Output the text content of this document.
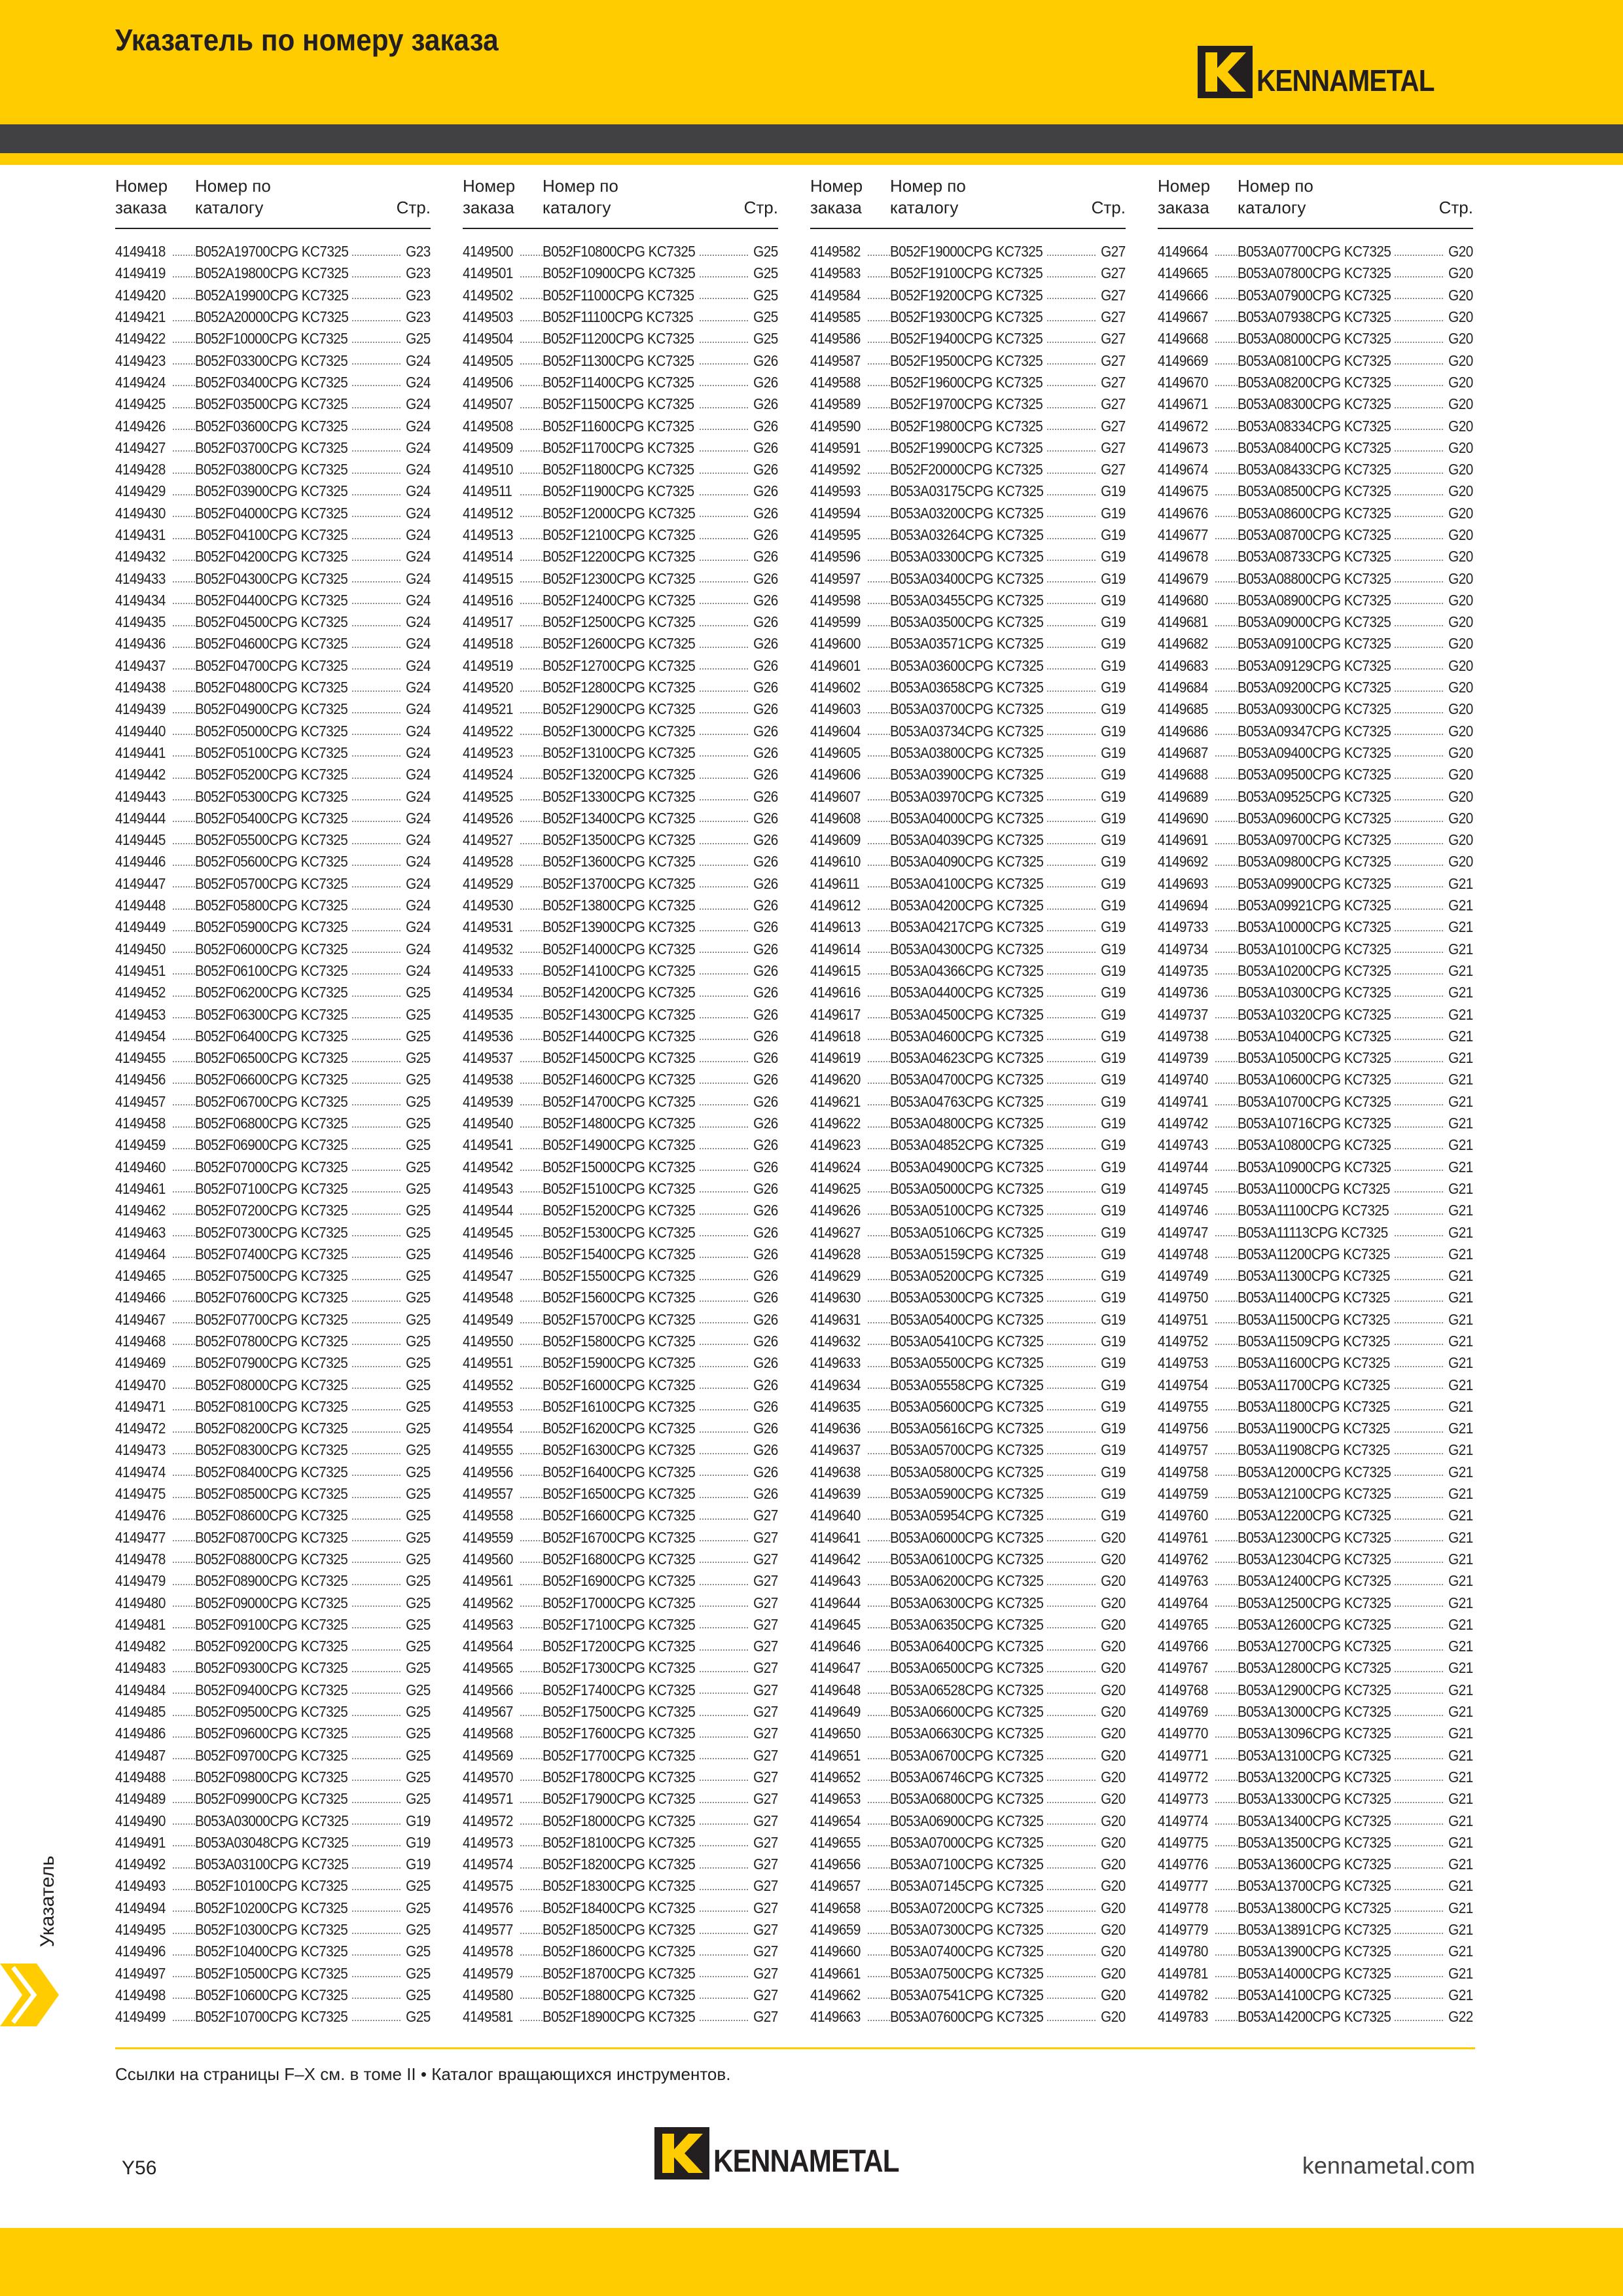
Указатель по номеру заказа
KENNAMETAL
Номер заказа
Номер по каталогу	Стр.
4149418 B052A19700CPG KC7325	G23
4149419 B052A19800CPG KC7325	G23
4149420 B052A19900CPG KC7325	G23
4149421 B052A20000CPG KC7325	G23
4149422 B052F10000CPG KC7325	G25
4149423 B052F03300CPG KC7325	G24
4149424 B052F03400CPG KC7325	G24
4149425 B052F03500CPG KC7325	G24
4149426 B052F03600CPG KC7325	G24
4149427 B052F03700CPG KC7325	G24
4149428 B052F03800CPG KC7325	G24
4149429 B052F03900CPG KC7325	G24
4149430 B052F04000CPG KC7325	G24
4149431 B052F04100CPG KC7325	G24
4149432 B052F04200CPG KC7325	G24
4149433 B052F04300CPG KC7325	G24
4149434 B052F04400CPG KC7325	G24
4149435 B052F04500CPG KC7325	G24
4149436 B052F04600CPG KC7325	G24
4149437 B052F04700CPG KC7325	G24
4149438 B052F04800CPG KC7325	G24
4149439 B052F04900CPG KC7325	G24
4149440 B052F05000CPG KC7325	G24
4149441 B052F05100CPG KC7325	G24
4149442 B052F05200CPG KC7325	G24
4149443 B052F05300CPG KC7325	G24
4149444 B052F05400CPG KC7325	G24
4149445 B052F05500CPG KC7325	G24
4149446 B052F05600CPG KC7325	G24
4149447 B052F05700CPG KC7325	G24
4149448 B052F05800CPG KC7325	G24
4149449 B052F05900CPG KC7325	G24
4149450 B052F06000CPG KC7325	G24
4149451 B052F06100CPG KC7325	G24
4149452 B052F06200CPG KC7325	G25
4149453 B052F06300CPG KC7325	G25
4149454 B052F06400CPG KC7325	G25
4149455 B052F06500CPG KC7325	G25
4149456 B052F06600CPG KC7325	G25
4149457 B052F06700CPG KC7325	G25
4149458 B052F06800CPG KC7325	G25
4149459 B052F06900CPG KC7325	G25
4149460 B052F07000CPG KC7325	G25
4149461 B052F07100CPG KC7325	G25
4149462 B052F07200CPG KC7325	G25
4149463 B052F07300CPG KC7325	G25
4149464 B052F07400CPG KC7325	G25
4149465 B052F07500CPG KC7325	G25
4149466 B052F07600CPG KC7325	G25
4149467 B052F07700CPG KC7325	G25
4149468 B052F07800CPG KC7325	G25
4149469 B052F07900CPG KC7325	G25
4149470 B052F08000CPG KC7325	G25
4149471 B052F08100CPG KC7325	G25
4149472 B052F08200CPG KC7325	G25
4149473 B052F08300CPG KC7325	G25
4149474 B052F08400CPG KC7325	G25
4149475 B052F08500CPG KC7325	G25
4149476 B052F08600CPG KC7325	G25
4149477 B052F08700CPG KC7325	G25
4149478 B052F08800CPG KC7325	G25
4149479 B052F08900CPG KC7325	G25
4149480 B052F09000CPG KC7325	G25
4149481 B052F09100CPG KC7325	G25
4149482 B052F09200CPG KC7325	G25
4149483 B052F09300CPG KC7325	G25
4149484 B052F09400CPG KC7325	G25
4149485 B052F09500CPG KC7325	G25
4149486 B052F09600CPG KC7325	G25
4149487 B052F09700CPG KC7325	G25
4149488 B052F09800CPG KC7325	G25
4149489 B052F09900CPG KC7325	G25
4149490 B053A03000CPG KC7325	G19
4149491 B053A03048CPG KC7325	G19
4149492 B053A03100CPG KC7325	G19
4149493 B052F10100CPG KC7325	G25
4149494 B052F10200CPG KC7325	G25
4149495 B052F10300CPG KC7325	G25
4149496 B052F10400CPG KC7325	G25
4149497 B052F10500CPG KC7325	G25
4149498 B052F10600CPG KC7325	G25
4149499 B052F10700CPG KC7325	G25
Номер заказа
Номер по каталогу	Стр.
4149500 B052F10800CPG KC7325	G25
4149501 B052F10900CPG KC7325	G25
4149502 B052F11000CPG KC7325	G25
4149503 B052F11100CPG KC7325	G25
4149504 B052F11200CPG KC7325	G25
4149505 B052F11300CPG KC7325	G26
4149506 B052F11400CPG KC7325	G26
4149507 B052F11500CPG KC7325	G26
4149508 B052F11600CPG KC7325	G26
4149509 B052F11700CPG KC7325	G26
4149510 B052F11800CPG KC7325	G26
4149511 B052F11900CPG KC7325	G26
4149512 B052F12000CPG KC7325	G26
4149513 B052F12100CPG KC7325	G26
4149514 B052F12200CPG KC7325	G26
4149515 B052F12300CPG KC7325	G26
4149516 B052F12400CPG KC7325	G26
4149517 B052F12500CPG KC7325	G26
4149518 B052F12600CPG KC7325	G26
4149519 B052F12700CPG KC7325	G26
4149520 B052F12800CPG KC7325	G26
4149521 B052F12900CPG KC7325	G26
4149522 B052F13000CPG KC7325	G26
4149523 B052F13100CPG KC7325	G26
4149524 B052F13200CPG KC7325	G26
4149525 B052F13300CPG KC7325	G26
4149526 B052F13400CPG KC7325	G26
4149527 B052F13500CPG KC7325	G26
4149528 B052F13600CPG KC7325	G26
4149529 B052F13700CPG KC7325	G26
4149530 B052F13800CPG KC7325	G26
4149531 B052F13900CPG KC7325	G26
4149532 B052F14000CPG KC7325	G26
4149533 B052F14100CPG KC7325	G26
4149534 B052F14200CPG KC7325	G26
4149535 B052F14300CPG KC7325	G26
4149536 B052F14400CPG KC7325	G26
4149537 B052F14500CPG KC7325	G26
4149538 B052F14600CPG KC7325	G26
4149539 B052F14700CPG KC7325	G26
4149540 B052F14800CPG KC7325	G26
4149541 B052F14900CPG KC7325	G26
4149542 B052F15000CPG KC7325	G26
4149543 B052F15100CPG KC7325	G26
4149544 B052F15200CPG KC7325	G26
4149545 B052F15300CPG KC7325	G26
4149546 B052F15400CPG KC7325	G26
4149547 B052F15500CPG KC7325	G26
4149548 B052F15600CPG KC7325	G26
4149549 B052F15700CPG KC7325	G26
4149550 B052F15800CPG KC7325	G26
4149551 B052F15900CPG KC7325	G26
4149552 B052F16000CPG KC7325	G26
4149553 B052F16100CPG KC7325	G26
4149554 B052F16200CPG KC7325	G26
4149555 B052F16300CPG KC7325	G26
4149556 B052F16400CPG KC7325	G26
4149557 B052F16500CPG KC7325	G26
4149558 B052F16600CPG KC7325	G27
4149559 B052F16700CPG KC7325	G27
4149560 B052F16800CPG KC7325	G27
4149561 B052F16900CPG KC7325	G27
4149562 B052F17000CPG KC7325	G27
4149563 B052F17100CPG KC7325	G27
4149564 B052F17200CPG KC7325	G27
4149565 B052F17300CPG KC7325	G27
4149566 B052F17400CPG KC7325	G27
4149567 B052F17500CPG KC7325	G27
4149568 B052F17600CPG KC7325	G27
4149569 B052F17700CPG KC7325	G27
4149570 B052F17800CPG KC7325	G27
4149571 B052F17900CPG KC7325	G27
4149572 B052F18000CPG KC7325	G27
4149573 B052F18100CPG KC7325	G27
4149574 B052F18200CPG KC7325	G27
4149575 B052F18300CPG KC7325	G27
4149576 B052F18400CPG KC7325	G27
4149577 B052F18500CPG KC7325	G27
4149578 B052F18600CPG KC7325	G27
4149579 B052F18700CPG KC7325	G27
4149580 B052F18800CPG KC7325	G27
4149581 B052F18900CPG KC7325	G27
Номер заказа
Номер по каталогу	Стр.
4149582 B052F19000CPG KC7325	G27
4149583 B052F19100CPG KC7325	G27
4149584 B052F19200CPG KC7325	G27
4149585 B052F19300CPG KC7325	G27
4149586 B052F19400CPG KC7325	G27
4149587 B052F19500CPG KC7325	G27
4149588 B052F19600CPG KC7325	G27
4149589 B052F19700CPG KC7325	G27
4149590 B052F19800CPG KC7325	G27
4149591 B052F19900CPG KC7325	G27
4149592 B052F20000CPG KC7325	G27
4149593 B053A03175CPG KC7325	G19
4149594 B053A03200CPG KC7325	G19
4149595 B053A03264CPG KC7325	G19
4149596 B053A03300CPG KC7325	G19
4149597 B053A03400CPG KC7325	G19
4149598 B053A03455CPG KC7325	G19
4149599 B053A03500CPG KC7325	G19
4149600 B053A03571CPG KC7325	G19
4149601 B053A03600CPG KC7325	G19
4149602 B053A03658CPG KC7325	G19
4149603 B053A03700CPG KC7325	G19
4149604 B053A03734CPG KC7325	G19
4149605 B053A03800CPG KC7325	G19
4149606 B053A03900CPG KC7325	G19
4149607 B053A03970CPG KC7325	G19
4149608 B053A04000CPG KC7325	G19
4149609 B053A04039CPG KC7325	G19
4149610 B053A04090CPG KC7325	G19
4149611 B053A04100CPG KC7325	G19
4149612 B053A04200CPG KC7325	G19
4149613 B053A04217CPG KC7325	G19
4149614 B053A04300CPG KC7325	G19
4149615 B053A04366CPG KC7325	G19
4149616 B053A04400CPG KC7325	G19
4149617 B053A04500CPG KC7325	G19
4149618 B053A04600CPG KC7325	G19
4149619 B053A04623CPG KC7325	G19
4149620 B053A04700CPG KC7325	G19
4149621 B053A04763CPG KC7325	G19
4149622 B053A04800CPG KC7325	G19
4149623 B053A04852CPG KC7325	G19
4149624 B053A04900CPG KC7325	G19
4149625 B053A05000CPG KC7325	G19
4149626 B053A05100CPG KC7325	G19
4149627 B053A05106CPG KC7325	G19
4149628 B053A05159CPG KC7325	G19
4149629 B053A05200CPG KC7325	G19
4149630 B053A05300CPG KC7325	G19
4149631 B053A05400CPG KC7325	G19
4149632 B053A05410CPG KC7325	G19
4149633 B053A05500CPG KC7325	G19
4149634 B053A05558CPG KC7325	G19
4149635 B053A05600CPG KC7325	G19
4149636 B053A05616CPG KC7325	G19
4149637 B053A05700CPG KC7325	G19
4149638 B053A05800CPG KC7325	G19
4149639 B053A05900CPG KC7325	G19
4149640 B053A05954CPG KC7325	G19
4149641 B053A06000CPG KC7325	G20
4149642 B053A06100CPG KC7325	G20
4149643 B053A06200CPG KC7325	G20
4149644 B053A06300CPG KC7325	G20
4149645 B053A06350CPG KC7325	G20
4149646 B053A06400CPG KC7325	G20
4149647 B053A06500CPG KC7325	G20
4149648 B053A06528CPG KC7325	G20
4149649 B053A06600CPG KC7325	G20
4149650 B053A06630CPG KC7325	G20
4149651 B053A06700CPG KC7325	G20
4149652 B053A06746CPG KC7325	G20
4149653 B053A06800CPG KC7325	G20
4149654 B053A06900CPG KC7325	G20
4149655 B053A07000CPG KC7325	G20
4149656 B053A07100CPG KC7325	G20
4149657 B053A07145CPG KC7325	G20
4149658 B053A07200CPG KC7325	G20
4149659 B053A07300CPG KC7325	G20
4149660 B053A07400CPG KC7325	G20
4149661 B053A07500CPG KC7325	G20
4149662 B053A07541CPG KC7325	G20
4149663 B053A07600CPG KC7325	G20
Номер заказа
Номер по каталогу	Стр.
4149664 B053A07700CPG KC7325	G20
4149665 B053A07800CPG KC7325	G20
4149666 B053A07900CPG KC7325	G20
4149667 B053A07938CPG KC7325	G20
4149668 B053A08000CPG KC7325	G20
4149669 B053A08100CPG KC7325	G20
4149670 B053A08200CPG KC7325	G20
4149671 B053A08300CPG KC7325	G20
4149672 B053A08334CPG KC7325	G20
4149673 B053A08400CPG KC7325	G20
4149674 B053A08433CPG KC7325	G20
4149675 B053A08500CPG KC7325	G20
4149676 B053A08600CPG KC7325	G20
4149677 B053A08700CPG KC7325	G20
4149678 B053A08733CPG KC7325	G20
4149679 B053A08800CPG KC7325	G20
4149680 B053A08900CPG KC7325	G20
4149681 B053A09000CPG KC7325	G20
4149682 B053A09100CPG KC7325	G20
4149683 B053A09129CPG KC7325	G20
4149684 B053A09200CPG KC7325	G20
4149685 B053A09300CPG KC7325	G20
4149686 B053A09347CPG KC7325	G20
4149687 B053A09400CPG KC7325	G20
4149688 B053A09500CPG KC7325	G20
4149689 B053A09525CPG KC7325	G20
4149690 B053A09600CPG KC7325	G20
4149691 B053A09700CPG KC7325	G20
4149692 B053A09800CPG KC7325	G20
4149693 B053A09900CPG KC7325	G21
4149694 B053A09921CPG KC7325	G21
4149733 B053A10000CPG KC7325	G21
4149734 B053A10100CPG KC7325	G21
4149735 B053A10200CPG KC7325	G21
4149736 B053A10300CPG KC7325	G21
4149737 B053A10320CPG KC7325	G21
4149738 B053A10400CPG KC7325	G21
4149739 B053A10500CPG KC7325	G21
4149740 B053A10600CPG KC7325	G21
4149741 B053A10700CPG KC7325	G21
4149742 B053A10716CPG KC7325	G21
4149743 B053A10800CPG KC7325	G21
4149744 B053A10900CPG KC7325	G21
4149745 B053A11000CPG KC7325	G21
4149746 B053A11100CPG KC7325	G21
4149747 B053A11113CPG KC7325	G21
4149748 B053A11200CPG KC7325	G21
4149749 B053A11300CPG KC7325	G21
4149750 B053A11400CPG KC7325	G21
4149751 B053A11500CPG KC7325	G21
4149752 B053A11509CPG KC7325	G21
4149753 B053A11600CPG KC7325	G21
4149754 B053A11700CPG KC7325	G21
4149755 B053A11800CPG KC7325	G21
4149756 B053A11900CPG KC7325	G21
4149757 B053A11908CPG KC7325	G21
4149758 B053A12000CPG KC7325	G21
4149759 B053A12100CPG KC7325	G21
4149760 B053A12200CPG KC7325	G21
4149761 B053A12300CPG KC7325	G21
4149762 B053A12304CPG KC7325	G21
4149763 B053A12400CPG KC7325	G21
4149764 B053A12500CPG KC7325	G21
4149765 B053A12600CPG KC7325	G21
4149766 B053A12700CPG KC7325	G21
4149767 B053A12800CPG KC7325	G21
4149768 B053A12900CPG KC7325	G21
4149769 B053A13000CPG KC7325	G21
4149770 B053A13096CPG KC7325	G21
4149771 B053A13100CPG KC7325	G21
4149772 B053A13200CPG KC7325	G21
4149773 B053A13300CPG KC7325	G21
4149774 B053A13400CPG KC7325	G21
4149775 B053A13500CPG KC7325	G21
4149776 B053A13600CPG KC7325	G21
4149777 B053A13700CPG KC7325	G21
4149778 B053A13800CPG KC7325	G21
4149779 B053A13891CPG KC7325	G21
4149780 B053A13900CPG KC7325	G21
4149781 B053A14000CPG KC7325	G21
4149782 B053A14100CPG KC7325	G21
4149783 B053A14200CPG KC7325	G22
Указатель
Ссылки на страницы F–X см. в томе II • Каталог вращающихся инструментов.
Y56	KENNAMETAL	kennametal.com
